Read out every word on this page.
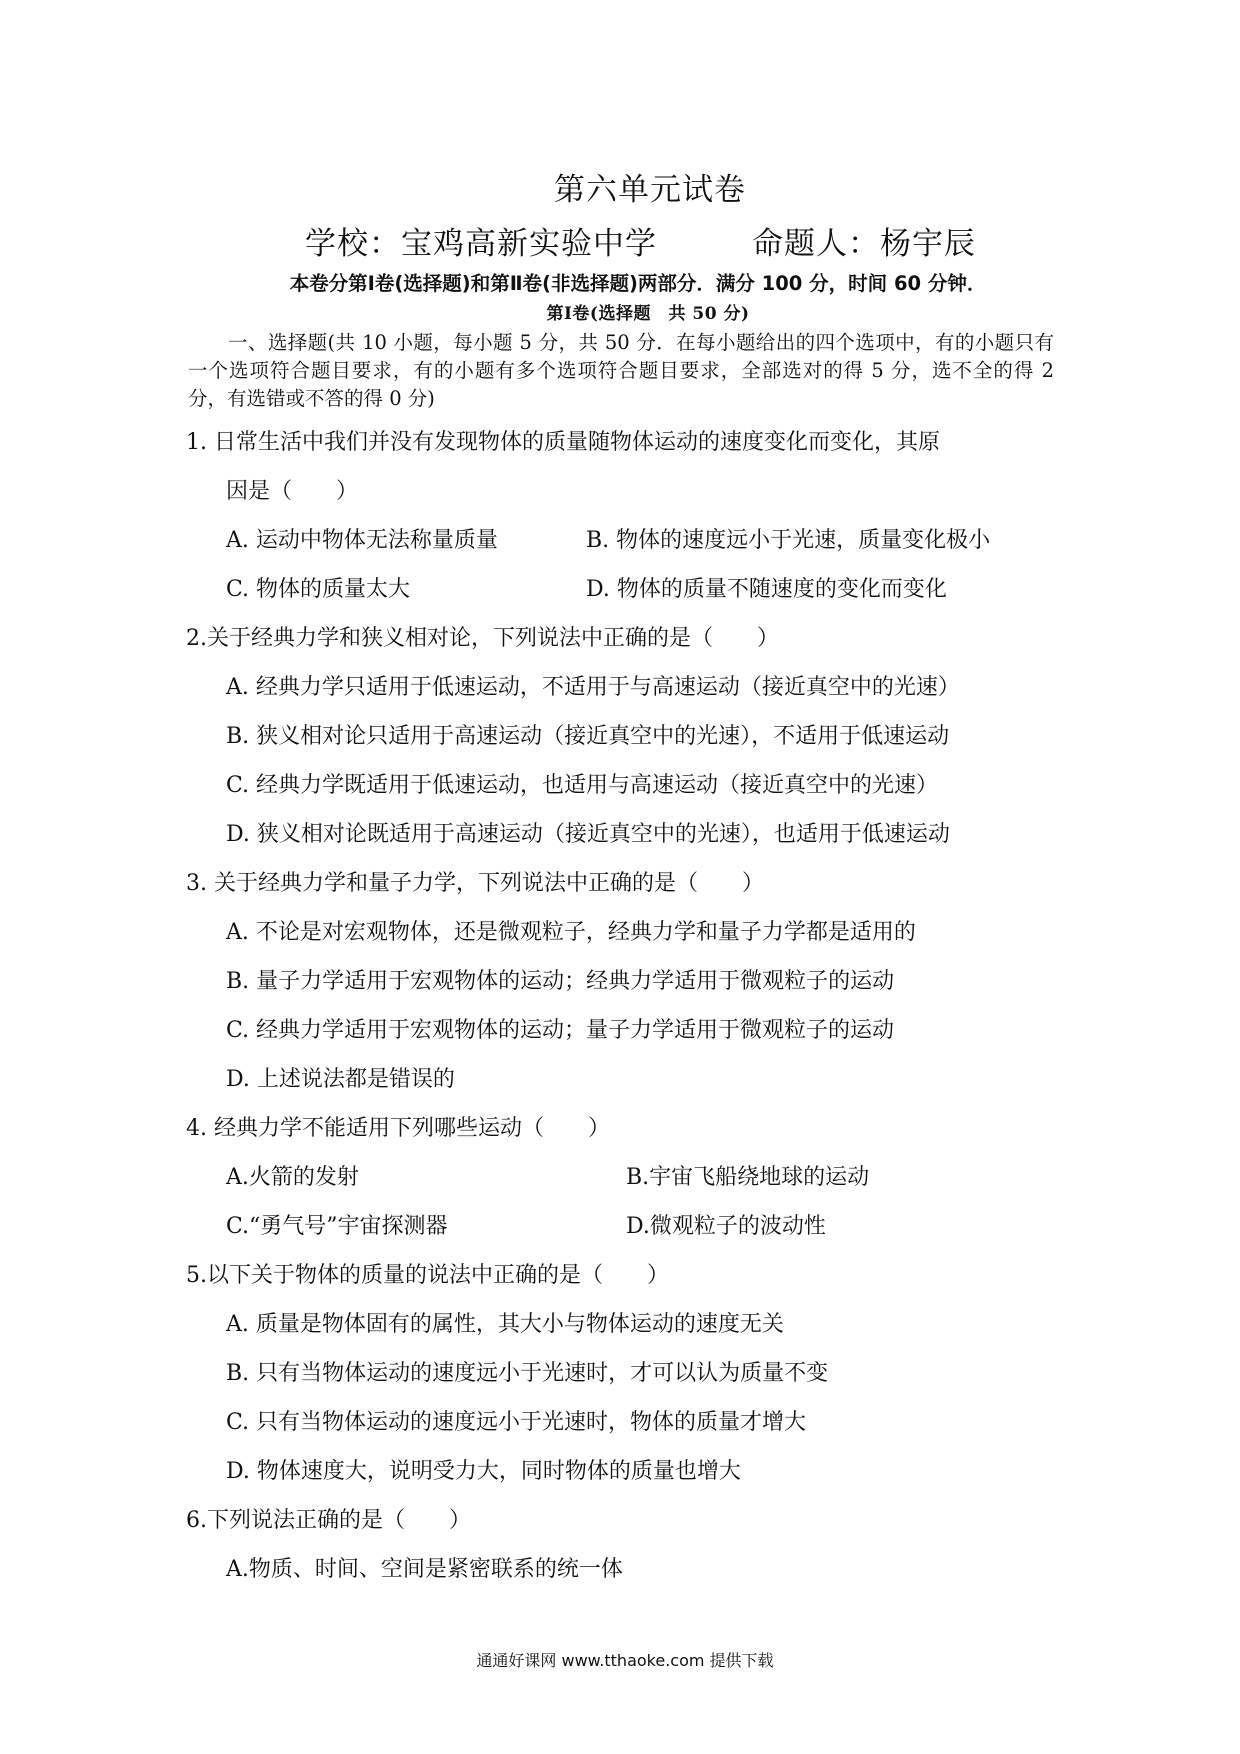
第六单元试卷
学校：宝鸡高新实验中学	命题人：杨宇辰
本卷分第Ⅰ卷(选择题)和第Ⅱ卷(非选择题)两部分．满分 100 分，时间 60 分钟．
第Ⅰ卷(选择题　共 50 分)
一、选择题(共 10 小题，每小题 5 分，共 50 分．在每小题给出的四个选项中，有的小题只有一个选项符合题目要求，有的小题有多个选项符合题目要求，全部选对的得 5 分，选不全的得 2 分，有选错或不答的得 0 分)
1. 日常生活中我们并没有发现物体的质量随物体运动的速度变化而变化，其原
因是（　　）
A. 运动中物体无法称量质量	B. 物体的速度远小于光速，质量变化极小
C. 物体的质量太大	D. 物体的质量不随速度的变化而变化
2.关于经典力学和狭义相对论，下列说法中正确的是（　　）
A. 经典力学只适用于低速运动，不适用于与高速运动（接近真空中的光速）
B. 狭义相对论只适用于高速运动（接近真空中的光速），不适用于低速运动
C. 经典力学既适用于低速运动，也适用与高速运动（接近真空中的光速）
D. 狭义相对论既适用于高速运动（接近真空中的光速），也适用于低速运动
3. 关于经典力学和量子力学，下列说法中正确的是（　　）
A. 不论是对宏观物体，还是微观粒子，经典力学和量子力学都是适用的
B. 量子力学适用于宏观物体的运动；经典力学适用于微观粒子的运动
C. 经典力学适用于宏观物体的运动；量子力学适用于微观粒子的运动
D. 上述说法都是错误的
4. 经典力学不能适用下列哪些运动（　　）
A.火箭的发射	B.宇宙飞船绕地球的运动
C.“勇气号”宇宙探测器	D.微观粒子的波动性
5.以下关于物体的质量的说法中正确的是（　　）
A. 质量是物体固有的属性，其大小与物体运动的速度无关
B. 只有当物体运动的速度远小于光速时，才可以认为质量不变
C. 只有当物体运动的速度远小于光速时，物体的质量才增大
D. 物体速度大，说明受力大，同时物体的质量也增大
6.下列说法正确的是（　　）
A.物质、时间、空间是紧密联系的统一体
通通好课网 www.tthaoke.com 提供下载
